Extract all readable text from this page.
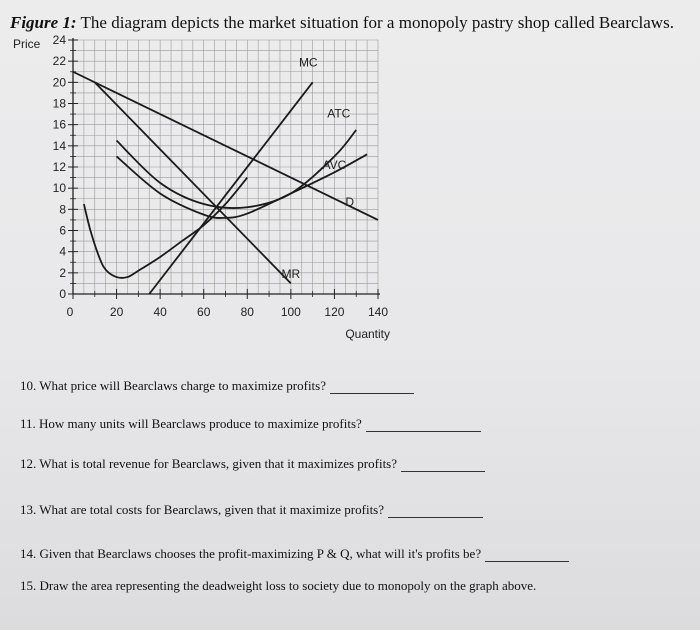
Figure 1: The diagram depicts the market situation for a monopoly pastry shop called Bearclaws.
0
2
4
6
8
10
12
14
16
18
20
22
24
0	20	40	60	80 100 120 140
Price
Quantity
D
MR
MC
ATC
AVC
10. What price will Bearclaws charge to maximize profits?
11. How many units will Bearclaws produce to maximize profits?
12. What is total revenue for Bearclaws, given that it maximizes profits?
13. What are total costs for Bearclaws, given that it maximize profits?
14. Given that Bearclaws chooses the profit-maximizing P & Q, what will it's profits be?
15. Draw the area representing the deadweight loss to society due to monopoly on the graph above.
